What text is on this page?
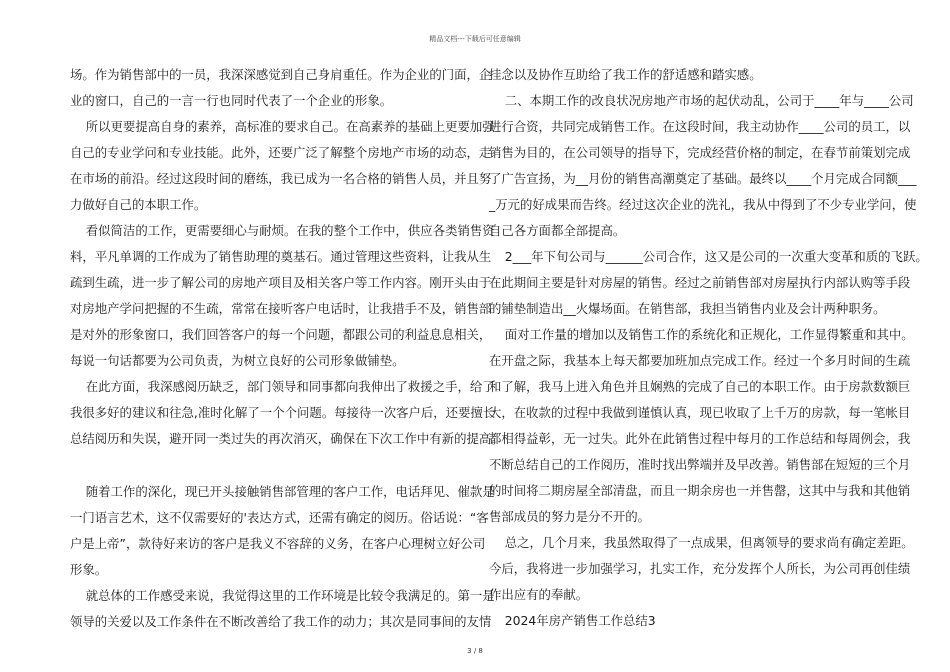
精品文档---下载后可任意编辑
场。作为销售部中的一员，我深深感觉到自己身肩重任。作为企业的门面，企
业的窗口，自己的一言一行也同时代表了一个企业的形象。
所以更要提高自身的素养，高标准的要求自己。在高素养的基础上更要加强
自己的专业学问和专业技能。此外，还要广泛了解整个房地产市场的动态，走
在市场的前沿。经过这段时间的磨练，我已成为一名合格的销售人员，并且努
力做好自己的本职工作。
看似简洁的工作，更需要细心与耐烦。在我的整个工作中，供应各类销售资
料，平凡单调的工作成为了销售助理的奠基石。通过管理这些资料，让我从生
疏到生疏，进一步了解公司的房地产项目及相关客户等工作内容。刚开头由于
对房地产学问把握的不生疏，常常在接听客户电话时，让我措手不及，销售部
是对外的形象窗口，我们回答客户的每一个问题，都跟公司的利益息息相关，
每说一句话都要为公司负责，为树立良好的公司形象做铺垫。
在此方面，我深感阅历缺乏，部门领导和同事都向我伸出了救援之手，给了
我很多好的建议和往急,准时化解了一个个问题。每接待一次客户后，还要擅长
总结阅历和失误，避开同一类过失的再次消灭，确保在下次工作中有新的提高。
随着工作的深化，现已开头接触销售部管理的客户工作，电话拜见、催款是
一门语言艺术，这不仅需要好的'表达方式，还需有确定的阅历。俗话说：“客
户是上帝”，款待好来访的客户是我义不容辞的义务，在客户心理树立好公司
形象。
就总体的工作感受来说，我觉得这里的工作环境是比较令我满足的。第一是
领导的关爱以及工作条件在不断改善给了我工作的动力；其次是同事间的友情
挂念以及协作互助给了我工作的舒适感和踏实感。
二、本期工作的改良状况房地产市场的起伏动乱，公司于____年与____公司
进行合资，共同完成销售工作。在这段时间，我主动协作____公司的员工，以
销售为目的，在公司领导的指导下，完成经营价格的制定，在春节前策划完成
了广告宣扬，为__月份的销售高潮奠定了基础。最终以____个月完成合同额___
_万元的好成果而告终。经过这次企业的洗礼，我从中得到了不少专业学问，使
自己各方面都全部提高。
2___年下旬公司与______公司合作，这又是公司的一次重大变革和质的飞跃。
在此期间主要是针对房屋的销售。经过之前销售部对房屋执行内部认购等手段
的铺垫制造出__火爆场面。在销售部，我担当销售内业及会计两种职务。
面对工作量的增加以及销售工作的系统化和正规化，工作显得繁重和其中。
在开盘之际，我基本上每天都要加班加点完成工作。经过一个多月时间的生疏
和了解，我马上进入角色并且娴熟的完成了自己的本职工作。由于房款数额巨
大，在收款的过程中我做到谨慎认真，现已收取了上千万的房款，每一笔帐目
都相得益彰，无一过失。此外在此销售过程中每月的工作总结和每周例会，我
不断总结自己的工作阅历，准时找出弊端并及早改善。销售部在短短的三个月
的时间将二期房屋全部清盘，而且一期余房也一并售罄，这其中与我和其他销
售部成员的努力是分不开的。
总之，几个月来，我虽然取得了一点成果，但离领导的要求尚有确定差距。
今后，我将进一步加强学习，扎实工作，充分发挥个人所长，为公司再创佳绩
作出应有的奉献。
2024年房产销售工作总结3
3 / 8
